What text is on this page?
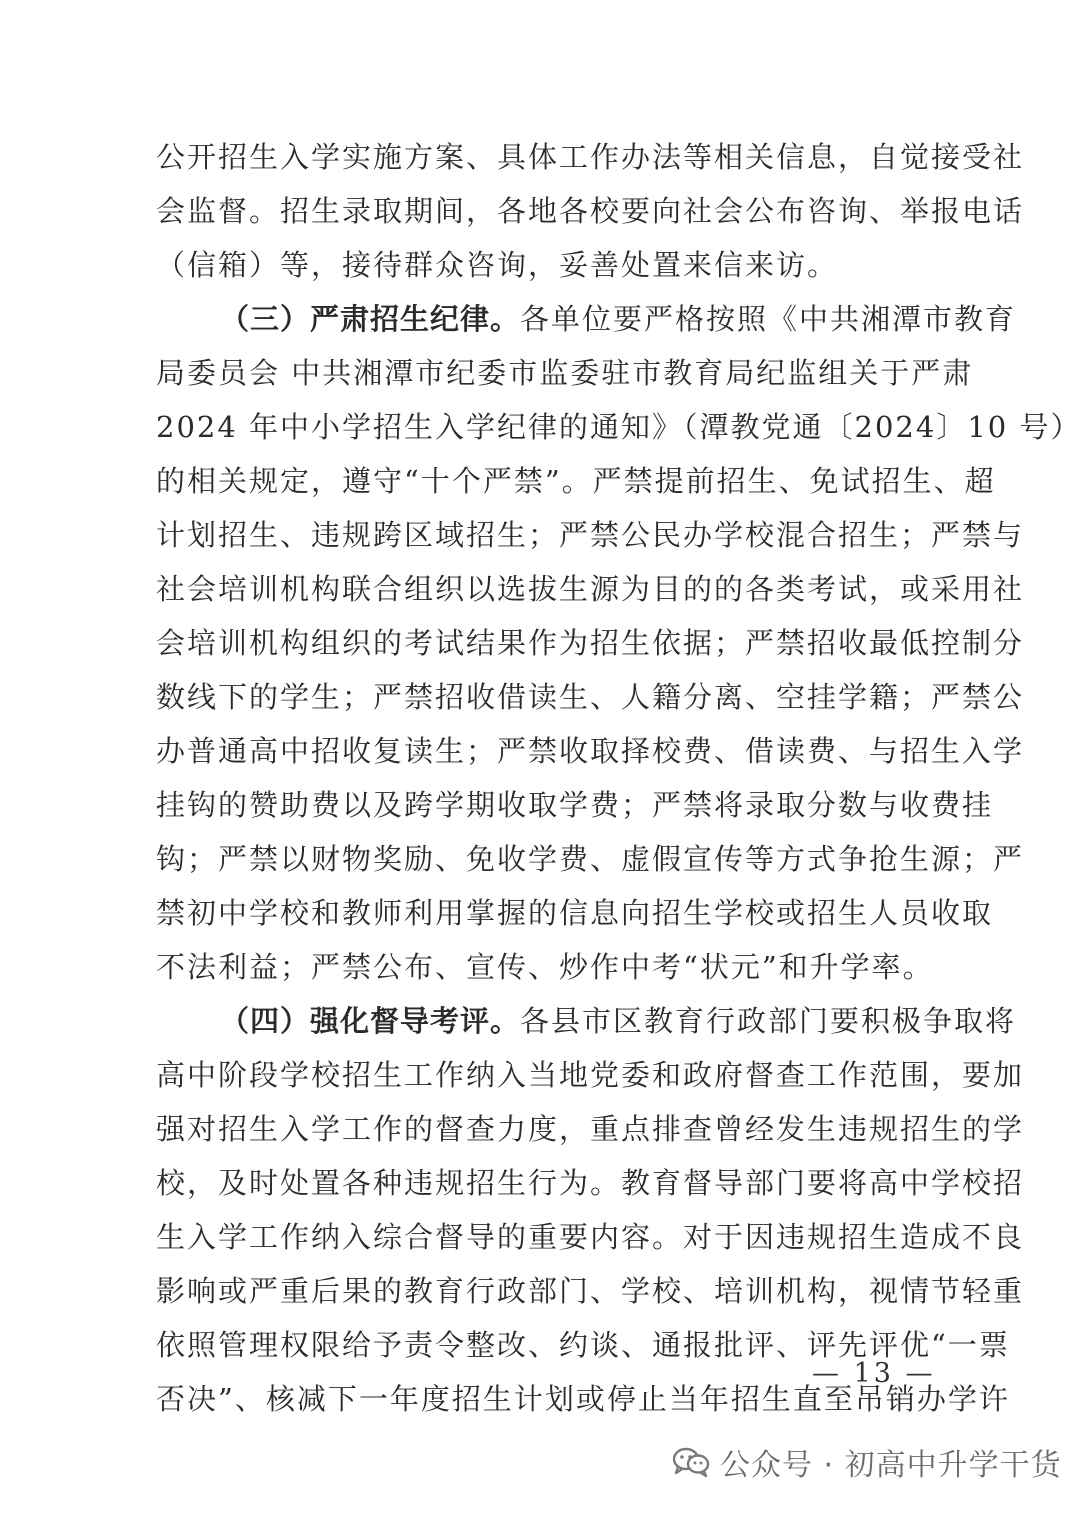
公开招生入学实施方案、具体工作办法等相关信息，自觉接受社
会监督。招生录取期间，各地各校要向社会公布咨询、举报电话
（信箱）等，接待群众咨询，妥善处置来信来访。
（三）严肃招生纪律。各单位要严格按照《中共湘潭市教育
局委员会 中共湘潭市纪委市监委驻市教育局纪监组关于严肃
2024 年中小学招生入学纪律的通知》（潭教党通〔2024〕10 号）
的相关规定，遵守“十个严禁”。严禁提前招生、免试招生、超
计划招生、违规跨区域招生；严禁公民办学校混合招生；严禁与
社会培训机构联合组织以选拔生源为目的的各类考试，或采用社
会培训机构组织的考试结果作为招生依据；严禁招收最低控制分
数线下的学生；严禁招收借读生、人籍分离、空挂学籍；严禁公
办普通高中招收复读生；严禁收取择校费、借读费、与招生入学
挂钩的赞助费以及跨学期收取学费；严禁将录取分数与收费挂
钩；严禁以财物奖励、免收学费、虚假宣传等方式争抢生源；严
禁初中学校和教师利用掌握的信息向招生学校或招生人员收取
不法利益；严禁公布、宣传、炒作中考“状元”和升学率。
（四）强化督导考评。各县市区教育行政部门要积极争取将
高中阶段学校招生工作纳入当地党委和政府督查工作范围，要加
强对招生入学工作的督查力度，重点排查曾经发生违规招生的学
校，及时处置各种违规招生行为。教育督导部门要将高中学校招
生入学工作纳入综合督导的重要内容。对于因违规招生造成不良
影响或严重后果的教育行政部门、学校、培训机构，视情节轻重
依照管理权限给予责令整改、约谈、通报批评、评先评优“一票
否决”、核减下一年度招生计划或停止当年招生直至吊销办学许
— 13 —
公众号 · 初高中升学干货
